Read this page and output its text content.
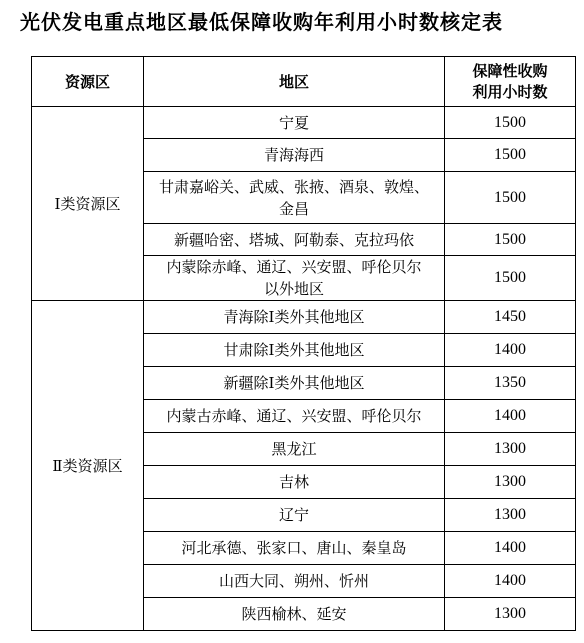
光伏发电重点地区最低保障收购年利用小时数核定表
资源区	地区	保障性收购
利用小时数
Ⅰ类资源区	宁夏	1500
	青海海西	1500
	甘肃嘉峪关、武威、张掖、酒泉、敦煌、
金昌	1500
	新疆哈密、塔城、阿勒泰、克拉玛依	1500
	内蒙除赤峰、通辽、兴安盟、呼伦贝尔
以外地区	1500
Ⅱ类资源区	青海除Ⅰ类外其他地区	1450
	甘肃除Ⅰ类外其他地区	1400
	新疆除Ⅰ类外其他地区	1350
	内蒙古赤峰、通辽、兴安盟、呼伦贝尔	1400
	黑龙江	1300
	吉林	1300
	辽宁	1300
	河北承德、张家口、唐山、秦皇岛	1400
	山西大同、朔州、忻州	1400
	陕西榆林、延安	1300
